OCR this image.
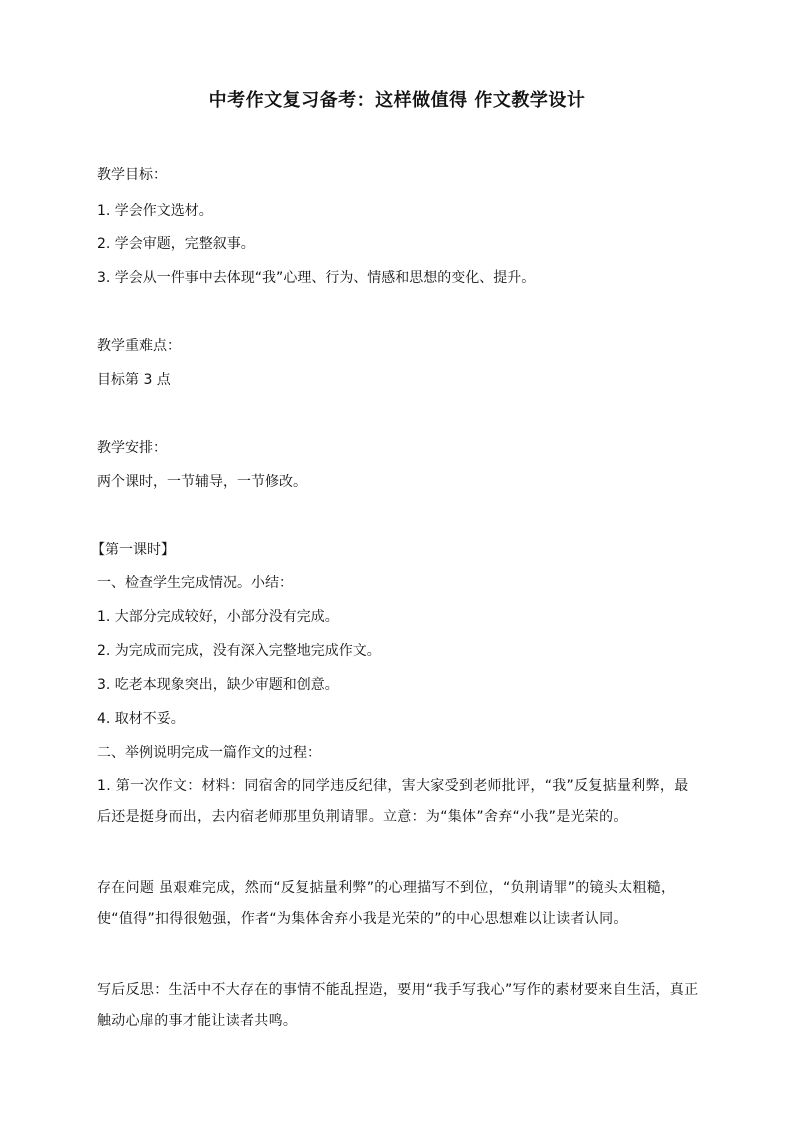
中考作文复习备考：这样做值得 作文教学设计
教学目标：
1. 学会作文选材。
2. 学会审题，完整叙事。
3. 学会从一件事中去体现“我”心理、行为、情感和思想的变化、提升。
教学重难点：
目标第 3 点
教学安排：
两个课时，一节辅导，一节修改。
【第一课时】
一、检查学生完成情况。小结：
1. 大部分完成较好，小部分没有完成。
2. 为完成而完成，没有深入完整地完成作文。
3. 吃老本现象突出，缺少审题和创意。
4. 取材不妥。
二、举例说明完成一篇作文的过程：
1. 第一次作文：材料：同宿舍的同学违反纪律，害大家受到老师批评，“我”反复掂量利弊，最后还是挺身而出，去内宿老师那里负荆请罪。立意：为“集体”舍弃“小我”是光荣的。
存在问题 虽艰难完成，然而“反复掂量利弊”的心理描写不到位，“负荆请罪”的镜头太粗糙，使“值得”扣得很勉强，作者“为集体舍弃小我是光荣的”的中心思想难以让读者认同。
写后反思：生活中不大存在的事情不能乱捏造，要用“我手写我心”写作的素材要来自生活，真正触动心扉的事才能让读者共鸣。
